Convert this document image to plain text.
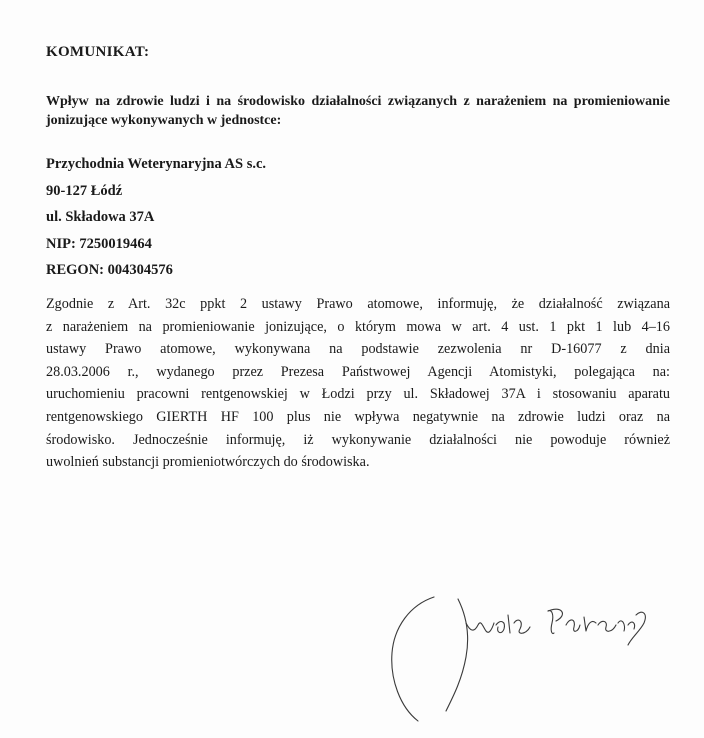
KOMUNIKAT:
Wpływ na zdrowie ludzi i na środowisko działalności związanych z narażeniem na promieniowanie jonizujące wykonywanych w jednostce:
Przychodnia Weterynaryjna AS s.c.
90-127 Łódź
ul. Składowa 37A
NIP: 7250019464
REGON: 004304576
Zgodnie z Art. 32c ppkt 2 ustawy Prawo atomowe, informuję, że działalność związana
z narażeniem na promieniowanie jonizujące, o którym mowa w art. 4 ust. 1 pkt 1 lub 4–16
ustawy Prawo atomowe, wykonywana na podstawie zezwolenia nr D-16077 z dnia
28.03.2006 r., wydanego przez Prezesa Państwowej Agencji Atomistyki, polegająca na:
uruchomieniu pracowni rentgenowskiej w Łodzi przy ul. Składowej 37A i stosowaniu aparatu
rentgenowskiego GIERTH HF 100 plus nie wpływa negatywnie na zdrowie ludzi oraz na
środowisko. Jednocześnie informuję, iż wykonywanie działalności nie powoduje również
uwolnień substancji promieniotwórczych do środowiska.
